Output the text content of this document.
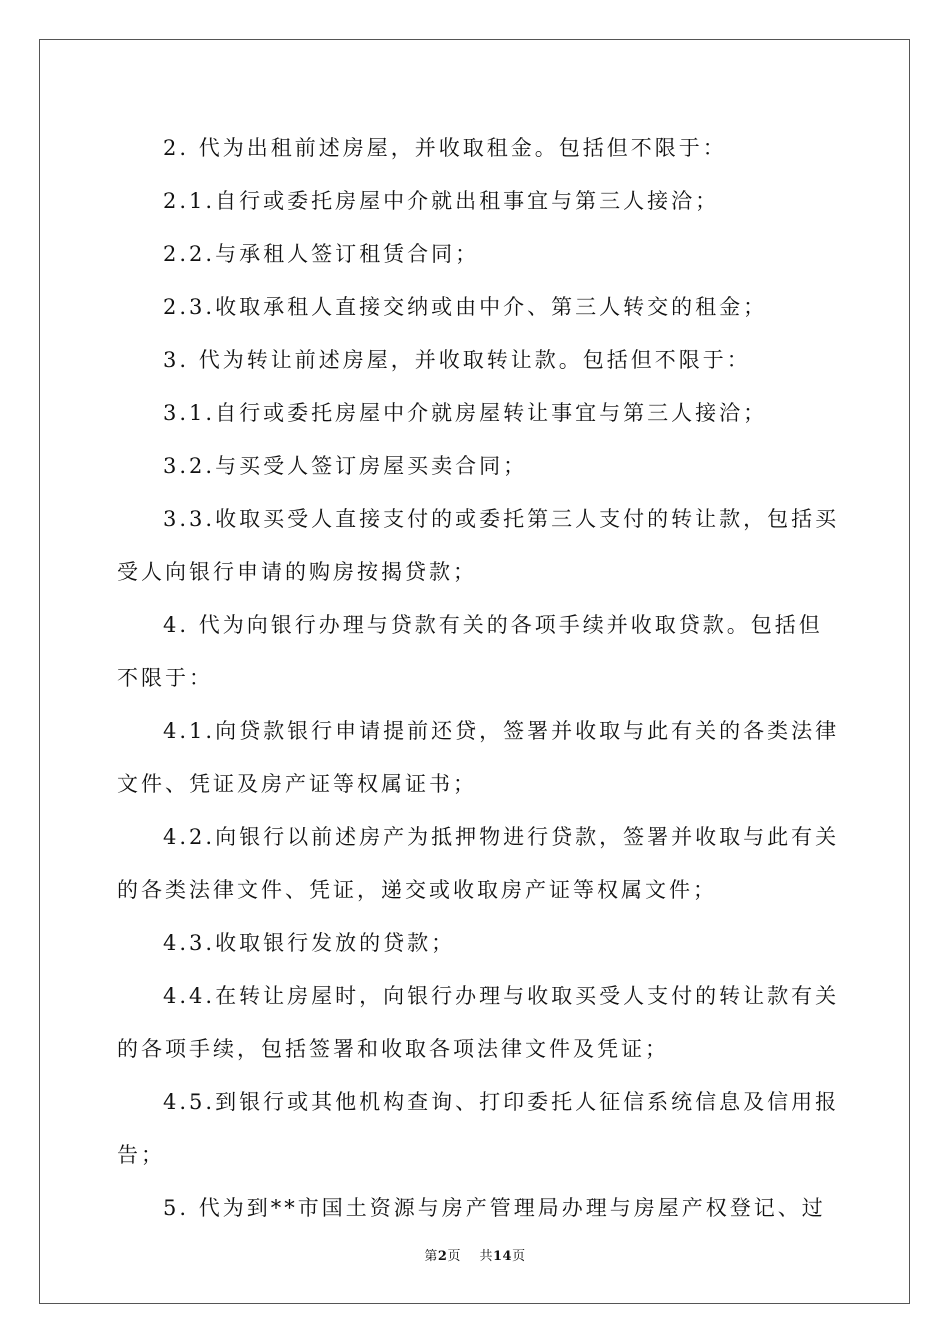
2. 代为出租前述房屋，并收取租金。包括但不限于：
2.1.自行或委托房屋中介就出租事宜与第三人接洽；
2.2.与承租人签订租赁合同；
2.3.收取承租人直接交纳或由中介、第三人转交的租金；
3. 代为转让前述房屋，并收取转让款。包括但不限于：
3.1.自行或委托房屋中介就房屋转让事宜与第三人接洽；
3.2.与买受人签订房屋买卖合同；
3.3.收取买受人直接支付的或委托第三人支付的转让款，包括买
受人向银行申请的购房按揭贷款；
4. 代为向银行办理与贷款有关的各项手续并收取贷款。包括但
不限于：
4.1.向贷款银行申请提前还贷，签署并收取与此有关的各类法律
文件、凭证及房产证等权属证书；
4.2.向银行以前述房产为抵押物进行贷款，签署并收取与此有关
的各类法律文件、凭证，递交或收取房产证等权属文件；
4.3.收取银行发放的贷款；
4.4.在转让房屋时，向银行办理与收取买受人支付的转让款有关
的各项手续，包括签署和收取各项法律文件及凭证；
4.5.到银行或其他机构查询、打印委托人征信系统信息及信用报
告；
5. 代为到**市国土资源与房产管理局办理与房屋产权登记、过
第2页 共14页
